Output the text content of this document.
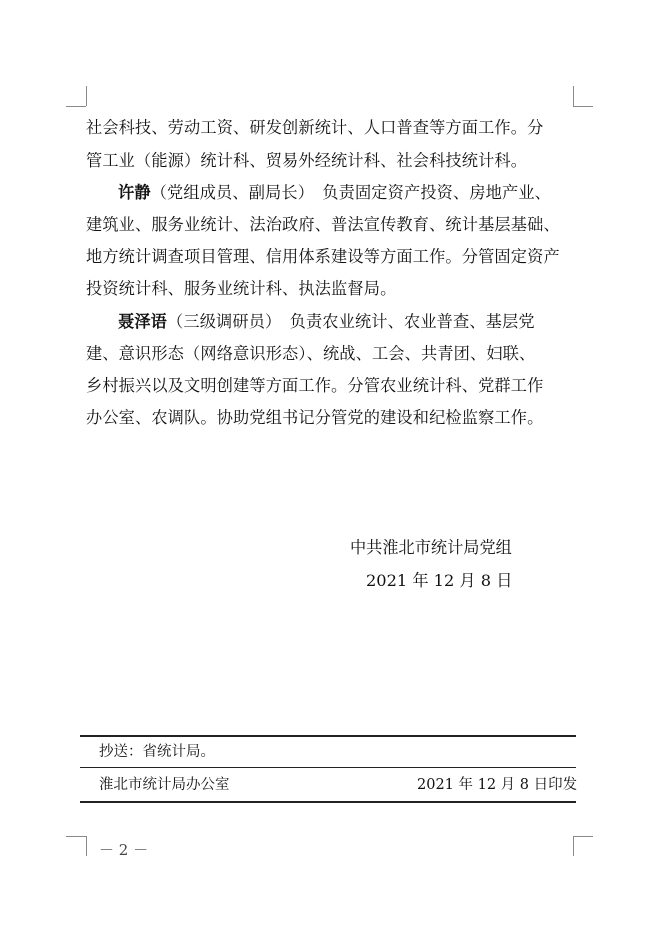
社会科技、劳动工资、研发创新统计、人口普查等方面工作。分
管工业（能源）统计科、贸易外经统计科、社会科技统计科。
许静（党组成员、副局长）　负责固定资产投资、房地产业、
建筑业、服务业统计、法治政府、普法宣传教育、统计基层基础、
地方统计调查项目管理、信用体系建设等方面工作。分管固定资产
投资统计科、服务业统计科、执法监督局。
聂泽语（三级调研员）　负责农业统计、农业普查、基层党
建、意识形态（网络意识形态）、统战、工会、共青团、妇联、
乡村振兴以及文明创建等方面工作。分管农业统计科、党群工作
办公室、农调队。协助党组书记分管党的建设和纪检监察工作。
中共淮北市统计局党组
2021 年 12 月 8 日
抄送：省统计局。
淮北市统计局办公室	2021 年 12 月 8 日印发
－ 2 －
